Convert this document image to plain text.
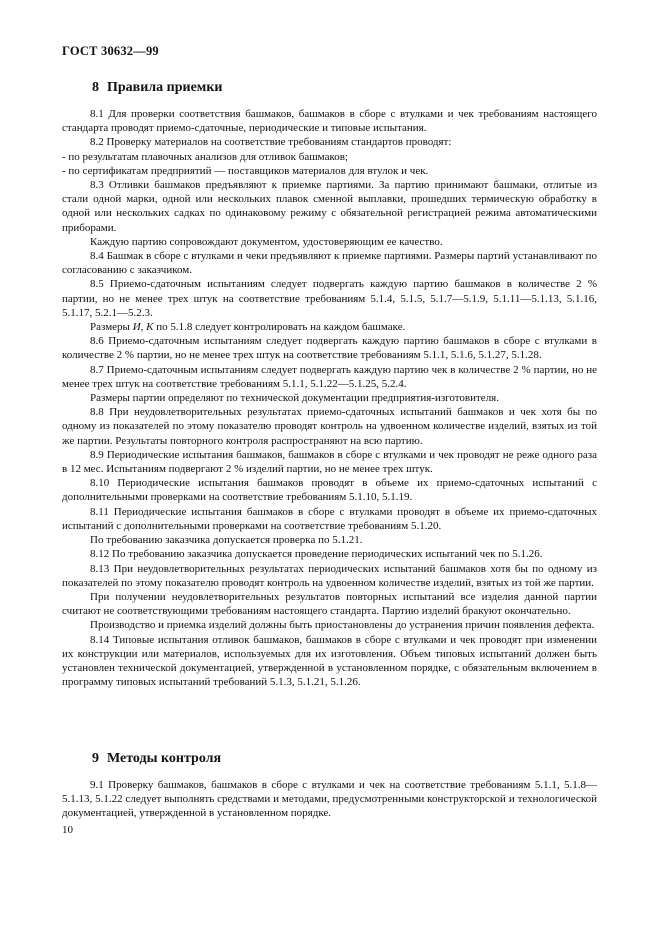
ГОСТ 30632—99
8 Правила приемки

8.1 Для проверки соответствия башмаков, башмаков в сборе с втулками и чек требованиям настоящего стандарта проводят приемо-сдаточные, периодические и типовые испытания.

8.2 Проверку материалов на соответствие требованиям стандартов проводят:

- по результатам плавочных анализов для отливок башмаков;

- по сертификатам предприятий — поставщиков материалов для втулок и чек.

8.3 Отливки башмаков предъявляют к приемке партиями. За партию принимают башмаки, отлитые из стали одной марки, одной или нескольких плавок сменной выплавки, прошедших термическую обработку в одной или нескольких садках по одинаковому режиму с обязательной регистрацией режима автоматическими приборами.

Каждую партию сопровождают документом, удостоверяющим ее качество.

8.4 Башмак в сборе с втулками и чеки предъявляют к приемке партиями. Размеры партий устанавливают по согласованию с заказчиком.

8.5 Приемо-сдаточным испытаниям следует подвергать каждую партию башмаков в количестве 2 % партии, но не менее трех штук на соответствие требованиям 5.1.4, 5.1.5, 5.1.7—5.1.9, 5.1.11—5.1.13, 5.1.16, 5.1.17, 5.2.1—5.2.3.

Размеры И, К по 5.1.8 следует контролировать на каждом башмаке.

8.6 Приемо-сдаточным испытаниям следует подвергать каждую партию башмаков в сборе с втулками в количестве 2 % партии, но не менее трех штук на соответствие требованиям 5.1.1, 5.1.6, 5.1.27, 5.1.28.

8.7 Приемо-сдаточным испытаниям следует подвергать каждую партию чек в количестве 2 % партии, но не менее трех штук на соответствие требованиям 5.1.1, 5.1.22—5.1.25, 5.2.4.

Размеры партии определяют по технической документации предприятия-изготовителя.

8.8 При неудовлетворительных результатах приемо-сдаточных испытаний башмаков и чек хотя бы по одному из показателей по этому показателю проводят контроль на удвоенном количестве изделий, взятых из той же партии. Результаты повторного контроля распространяют на всю партию.

8.9 Периодические испытания башмаков, башмаков в сборе с втулками и чек проводят не реже одного раза в 12 мес. Испытаниям подвергают 2 % изделий партии, но не менее трех штук.

8.10 Периодические испытания башмаков проводят в объеме их приемо-сдаточных испытаний с дополнительными проверками на соответствие требованиям 5.1.10, 5.1.19.

8.11 Периодические испытания башмаков в сборе с втулками проводят в объеме их приемо-сдаточных испытаний с дополнительными проверками на соответствие требованиям 5.1.20.

По требованию заказчика допускается проверка по 5.1.21.

8.12 По требованию заказчика допускается проведение периодических испытаний чек по 5.1.26.

8.13 При неудовлетворительных результатах периодических испытаний башмаков хотя бы по одному из показателей по этому показателю проводят контроль на удвоенном количестве изделий, взятых из той же партии.

При получении неудовлетворительных результатов повторных испытаний все изделия данной партии считают не соответствующими требованиям настоящего стандарта. Партию изделий бракуют окончательно.

Производство и приемка изделий должны быть приостановлены до устранения причин появления дефекта.

8.14 Типовые испытания отливок башмаков, башмаков в сборе с втулками и чек проводят при изменении их конструкции или материалов, используемых для их изготовления. Объем типовых испытаний должен быть установлен технической документацией, утвержденной в установленном порядке, с обязательным включением в программу типовых испытаний требований 5.1.3, 5.1.21, 5.1.26.

9 Методы контроля

9.1 Проверку башмаков, башмаков в сборе с втулками и чек на соответствие требованиям 5.1.1, 5.1.8—5.1.13, 5.1.22 следует выполнять средствами и методами, предусмотренными конструкторской и технологической документацией, утвержденной в установленном порядке.

10
